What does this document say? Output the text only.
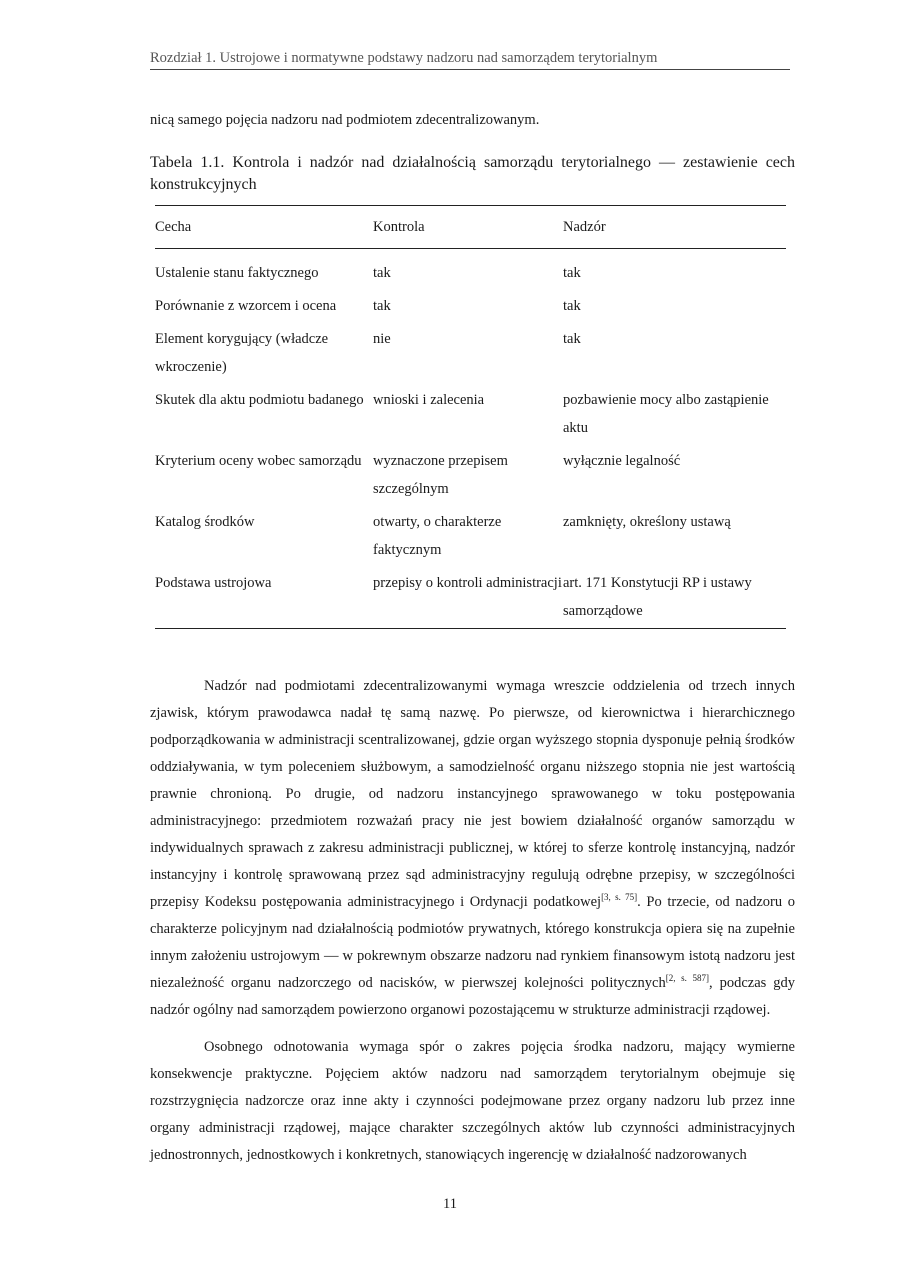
Rozdział 1. Ustrojowe i normatywne podstawy nadzoru nad samorządem terytorialnym
nicą samego pojęcia nadzoru nad podmiotem zdecentralizowanym.
Tabela 1.1. Kontrola i nadzór nad działalnością samorządu terytorialnego — zestawienie cech konstrukcyjnych
Cecha	Kontrola	Nadzór
Ustalenie stanu faktycznego	tak	tak
Porównanie z wzorcem i ocena	tak	tak
Element korygujący (władcze wkroczenie)	nie	tak
Skutek dla aktu podmiotu badanego	wnioski i zalecenia	pozbawienie mocy albo zastąpienie aktu
Kryterium oceny wobec samorządu	wyznaczone przepisem szczególnym	wyłącznie legalność
Katalog środków	otwarty, o charakterze faktycznym	zamknięty, określony ustawą
Podstawa ustrojowa	przepisy o kontroli administracji	art. 171 Konstytucji RP i ustawy samorządowe

Nadzór nad podmiotami zdecentralizowanymi wymaga wreszcie oddzielenia od trzech innych zjawisk, którym prawodawca nadał tę samą nazwę. Po pierwsze, od kierownictwa i hierarchicznego podporządkowania w administracji scentralizowanej, gdzie organ wyższego stopnia dysponuje pełnią środków oddziaływania, w tym poleceniem służbowym, a samodzielność organu niższego stopnia nie jest wartością prawnie chronioną. Po drugie, od nadzoru instancyjnego sprawowanego w toku postępowania administracyjnego: przedmiotem rozważań pracy nie jest bowiem działalność organów samorządu w indywidualnych sprawach z zakresu administracji publicznej, w której to sferze kontrolę instancyjną, nadzór instancyjny i kontrolę sprawowaną przez sąd administracyjny regulują odrębne przepisy, w szczególności przepisy Kodeksu postępowania administracyjnego i Ordynacji podatkowej[3, s. 75]. Po trzecie, od nadzoru o charakterze policyjnym nad działalnością podmiotów prywatnych, którego konstrukcja opiera się na zupełnie innym założeniu ustrojowym — w pokrewnym obszarze nadzoru nad rynkiem finansowym istotą nadzoru jest niezależność organu nadzorczego od nacisków, w pierwszej kolejności politycznych[2, s. 587], podczas gdy nadzór ogólny nad samorządem powierzono organowi pozostającemu w strukturze administracji rządowej.

Osobnego odnotowania wymaga spór o zakres pojęcia środka nadzoru, mający wymierne konsekwencje praktyczne. Pojęciem aktów nadzoru nad samorządem terytorialnym obejmuje się rozstrzygnięcia nadzorcze oraz inne akty i czynności podejmowane przez organy nadzoru lub przez inne organy administracji rządowej, mające charakter szczególnych aktów lub czynności administracyjnych jednostronnych, jednostkowych i konkretnych, stanowiących ingerencję w działalność nadzorowanych

11
